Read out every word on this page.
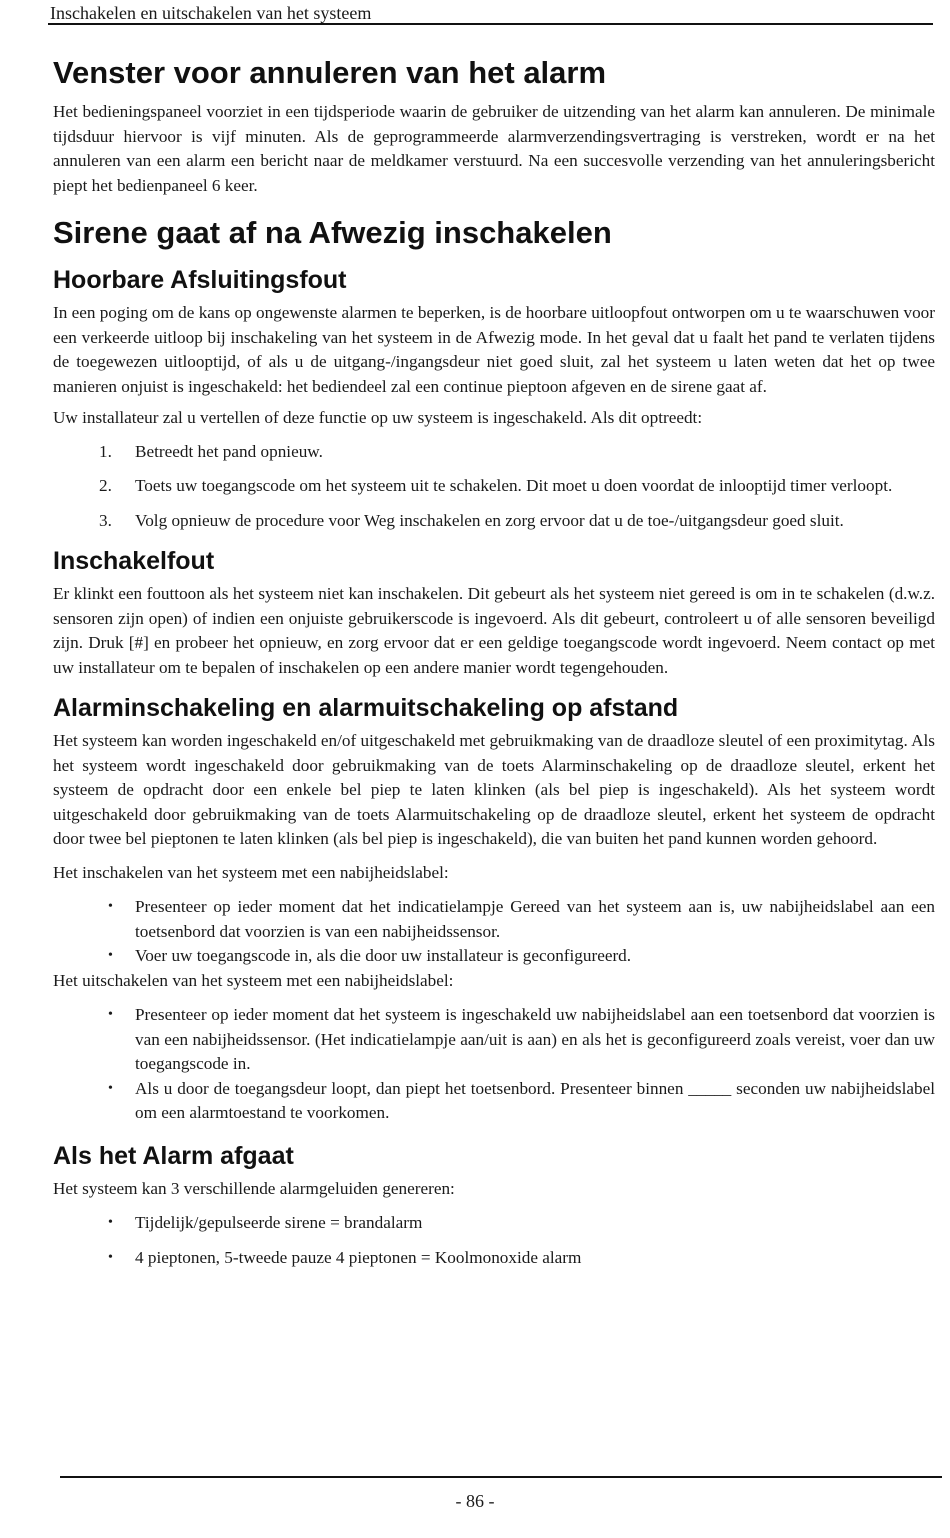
Inschakelen en uitschakelen van het systeem
Venster voor annuleren van het alarm

Het bedieningspaneel voorziet in een tijdsperiode waarin de gebruiker de uitzending van het alarm kan annuleren. De minimale tijdsduur hiervoor is vijf minuten. Als de geprogrammeerde alarmverzendingsvertraging is verstreken, wordt er na het annuleren van een alarm een bericht naar de meldkamer verstuurd. Na een succesvolle verzending van het annuleringsbericht piept het bedienpaneel 6 keer.

Sirene gaat af na Afwezig inschakelen
Hoorbare Afsluitingsfout

In een poging om de kans op ongewenste alarmen te beperken, is de hoorbare uitloopfout ontworpen om u te waarschuwen voor een verkeerde uitloop bij inschakeling van het systeem in de Afwezig mode. In het geval dat u faalt het pand te verlaten tijdens de toegewezen uitlooptijd, of als u de uitgang-/ingangsdeur niet goed sluit, zal het systeem u laten weten dat het op twee manieren onjuist is ingeschakeld: het bediendeel zal een continue pieptoon afgeven en de sirene gaat af.

Uw installateur zal u vertellen of deze functie op uw systeem is ingeschakeld. Als dit optreedt:

1. Betreedt het pand opnieuw.
2. Toets uw toegangscode om het systeem uit te schakelen. Dit moet u doen voordat de inlooptijd timer verloopt.
3. Volg opnieuw de procedure voor Weg inschakelen en zorg ervoor dat u de toe-/uitgangsdeur goed sluit.
Inschakelfout

Er klinkt een fouttoon als het systeem niet kan inschakelen. Dit gebeurt als het systeem niet gereed is om in te schakelen (d.w.z. sensoren zijn open) of indien een onjuiste gebruikerscode is ingevoerd. Als dit gebeurt, controleert u of alle sensoren beveiligd zijn. Druk [#] en probeer het opnieuw, en zorg ervoor dat er een geldige toegangscode wordt ingevoerd. Neem contact op met uw installateur om te bepalen of inschakelen op een andere manier wordt tegengehouden.

Alarminschakeling en alarmuitschakeling op afstand

Het systeem kan worden ingeschakeld en/of uitgeschakeld met gebruikmaking van de draadloze sleutel of een proximitytag. Als het systeem wordt ingeschakeld door gebruikmaking van de toets Alarminschakeling op de draadloze sleutel, erkent het systeem de opdracht door een enkele bel piep te laten klinken (als bel piep is ingeschakeld). Als het systeem wordt uitgeschakeld door gebruikmaking van de toets Alarmuitschakeling op de draadloze sleutel, erkent het systeem de opdracht door twee bel pieptonen te laten klinken (als bel piep is ingeschakeld), die van buiten het pand kunnen worden gehoord.

Het inschakelen van het systeem met een nabijheidslabel:

• Presenteer op ieder moment dat het indicatielampje Gereed van het systeem aan is, uw nabijheidslabel aan een toetsenbord dat voorzien is van een nabijheidssensor.
• Voer uw toegangscode in, als die door uw installateur is geconfigureerd.

Het uitschakelen van het systeem met een nabijheidslabel:

• Presenteer op ieder moment dat het systeem is ingeschakeld uw nabijheidslabel aan een toetsenbord dat voorzien is van een nabijheidssensor. (Het indicatielampje aan/uit is aan) en als het is geconfigureerd zoals vereist, voer dan uw toegangscode in.
• Als u door de toegangsdeur loopt, dan piept het toetsenbord. Presenteer binnen _____ seconden uw nabijheidslabel om een alarmtoestand te voorkomen.
Als het Alarm afgaat

Het systeem kan 3 verschillende alarmgeluiden genereren:

• Tijdelijk/gepulseerde sirene = brandalarm
• 4 pieptonen, 5-tweede pauze 4 pieptonen = Koolmonoxide alarm
- 86 -
